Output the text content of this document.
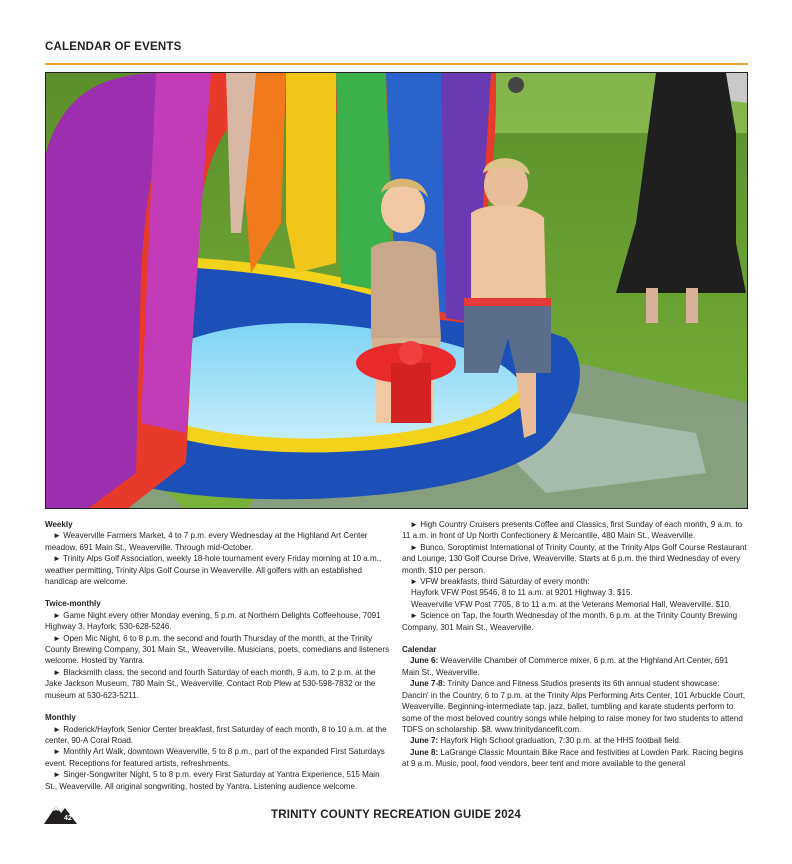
CALENDAR OF EVENTS

Weekly

► Weaverville Farmers Market, 4 to 7 p.m. every Wednesday at the Highland Art Center meadow, 691 Main St., Weaverville. Through mid-October.

► Trinity Alps Golf Association, weekly 18-hole tournament every Friday morning at 10 a.m., weather permitting, Trinity Alps Golf Course in Weaverville. All golfers with an established handicap are welcome.

Twice-monthly

► Game Night every other Monday evening, 5 p.m. at Northern Delights Coffeehouse, 7091 Highway 3, Hayfork; 530-628-5246.

► Open Mic Night, 6 to 8 p.m. the second and fourth Thursday of the month, at the Trinity County Brewing Company, 301 Main St., Weaverville. Musicians, poets, comedians and listeners welcome. Hosted by Yantra.

► Blacksmith class, the second and fourth Saturday of each month, 9 a.m. to 2 p.m. at the Jake Jackson Museum, 780 Main St., Weaverville. Contact Rob Plew at 530-598-7832 or the museum at 530-623-5211.

Monthly

► Roderick/Hayfork Senior Center breakfast, first Saturday of each month, 8 to 10 a.m. at the center, 90-A Coral Road.

► Monthly Art Walk, downtown Weaverville, 5 to 8 p.m., part of the expanded First Saturdays event. Receptions for featured artists, refreshments.

► Singer-Songwriter Night, 5 to 8 p.m. every First Saturday at Yantra Experience, 515 Main St., Weaverville. All original songwriting, hosted by Yantra. Listening audience welcome.

► High Country Cruisers presents Coffee and Classics, first Sunday of each month, 9 a.m. to 11 a.m. in front of Up North Confectionery & Mercantile, 480 Main St., Weaverville.

► Bunco, Soroptimist International of Trinity County, at the Trinity Alps Golf Course Restaurant and Lounge, 130 Golf Course Drive, Weaverville. Starts at 6 p.m. the third Wednesday of every month. $10 per person.

► VFW breakfasts, third Saturday of every month:

Hayfork VFW Post 9546, 8 to 11 a.m. at 9201 Highway 3. $15.

Weaverville VFW Post 7705, 8 to 11 a.m. at the Veterans Memorial Hall, Weaverville. $10.

► Science on Tap, the fourth Wednesday of the month, 6 p.m. at the Trinity County Brewing Company, 301 Main St., Weaverville.

Calendar

June 6: Weaverville Chamber of Commerce mixer, 6 p.m. at the Highland Art Center, 691 Main St., Weaverville.

June 7-8: Trinity Dance and Fitness Studios presents its 6th annual student showcase: Dancin' in the Country, 6 to 7 p.m. at the Trinity Alps Performing Arts Center, 101 Arbuckle Court, Weaverville. Beginning-intermediate tap, jazz, ballet, tumbling and karate students perform to some of the most beloved country songs while helping to raise money for two students to attend TDFS on scholarship. $8. www.trinitydancefit.com.

June 7: Hayfork High School graduation, 7:30 p.m. at the HHS football field.

June 8: LaGrange Classic Mountain Bike Race and festivities at Lowden Park. Racing begins at 9 a.m. Music, pool, food vendors, beer tent and more available to the general

42	TRINITY COUNTY RECREATION GUIDE 2024
